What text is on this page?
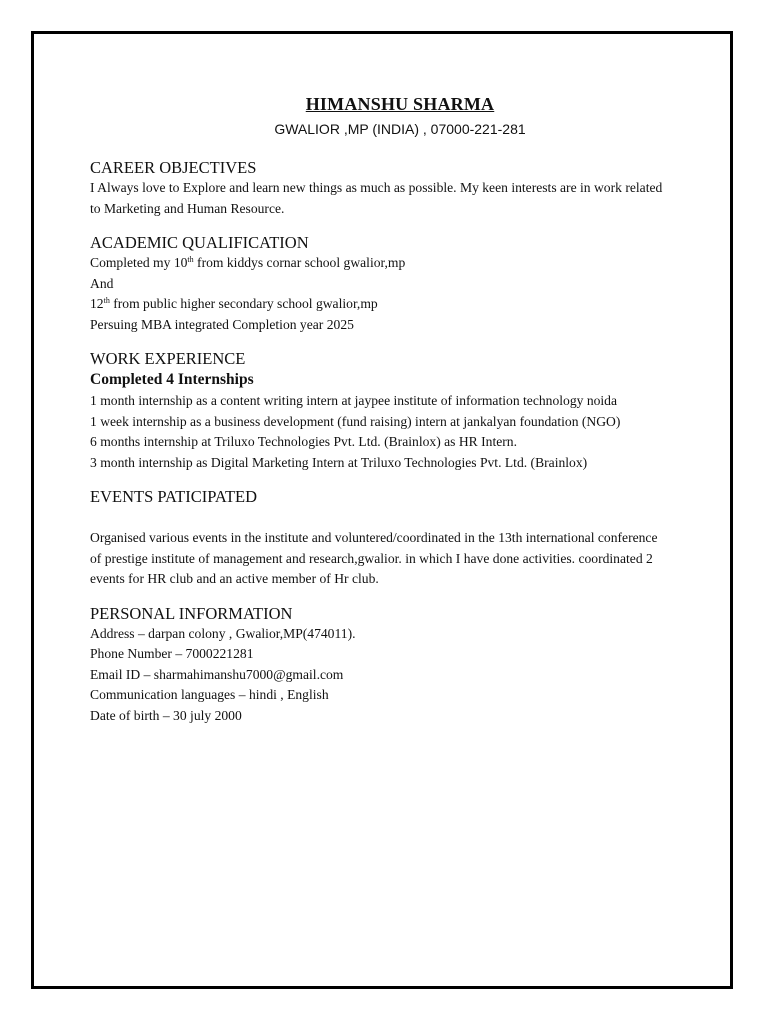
HIMANSHU SHARMA
GWALIOR ,MP (INDIA) , 07000-221-281
CAREER OBJECTIVES
I Always love to Explore and learn new things as much as possible. My keen interests are in work related
to Marketing and Human Resource.
ACADEMIC QUALIFICATION
Completed my 10th from kiddys cornar school gwalior,mp
And
12th from public higher secondary school gwalior,mp
Persuing MBA integrated Completion year 2025
WORK EXPERIENCE
Completed 4 Internships
1 month internship as a content writing intern at jaypee institute of information technology noida
1 week internship as a business development (fund raising) intern at jankalyan foundation (NGO)
6 months internship at Triluxo Technologies Pvt. Ltd. (Brainlox) as HR Intern.
3 month internship as Digital Marketing Intern at Triluxo Technologies Pvt. Ltd. (Brainlox)
EVENTS PATICIPATED
Organised various events in the institute and voluntered/coordinated in the 13th international conference
of prestige institute of management and research,gwalior. in which I have done activities. coordinated 2
events for HR club and an active member of Hr club.
PERSONAL INFORMATION
Address – darpan colony , Gwalior,MP(474011).
Phone Number – 7000221281
Email ID – sharmahimanshu7000@gmail.com
Communication languages – hindi , English
Date of birth – 30 july 2000
